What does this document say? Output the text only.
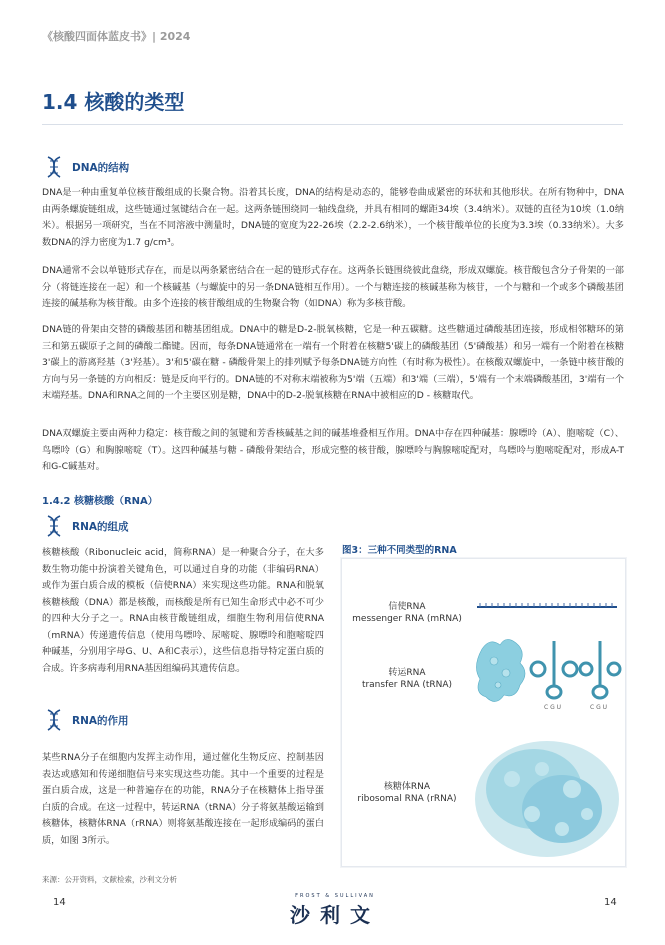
《核酸四面体蓝皮书》| 2024
1.4 核酸的类型
DNA的结构

DNA是一种由重复单位核苷酸组成的长聚合物。沿着其长度，DNA的结构是动态的，能够卷曲成紧密的环状和其他形状。在所有物种中，DNA由两条螺旋链组成，这些链通过氢键结合在一起。这两条链围绕同一轴线盘绕，并具有相同的螺距34埃（3.4纳米）。双链的直径为10埃（1.0纳米）。根据另一项研究，当在不同溶液中测量时，DNA链的宽度为22-26埃（2.2-2.6纳米），一个核苷酸单位的长度为3.3埃（0.33纳米）。大多数DNA的浮力密度为1.7 g/cm³。

DNA通常不会以单链形式存在，而是以两条紧密结合在一起的链形式存在。这两条长链围绕彼此盘绕，形成双螺旋。核苷酸包含分子骨架的一部分（将链连接在一起）和一个核碱基（与螺旋中的另一条DNA链相互作用）。一个与糖连接的核碱基称为核苷，一个与糖和一个或多个磷酸基团连接的碱基称为核苷酸。由多个连接的核苷酸组成的生物聚合物（如DNA）称为多核苷酸。

DNA链的骨架由交替的磷酸基团和糖基团组成。DNA中的糖是D-2-脱氧核糖，它是一种五碳糖。这些糖通过磷酸基团连接，形成相邻糖环的第三和第五碳原子之间的磷酸二酯键。因而，每条DNA链通常在一端有一个附着在核糖5'碳上的磷酸基团（5'磷酸基）和另一端有一个附着在核糖3'碳上的游离羟基（3'羟基）。3'和5'碳在糖 - 磷酸骨架上的排列赋予每条DNA链方向性（有时称为极性）。在核酸双螺旋中，一条链中核苷酸的方向与另一条链的方向相反：链是反向平行的。DNA链的不对称末端被称为5'端（五端）和3'端（三端），5'端有一个末端磷酸基团，3'端有一个末端羟基。DNA和RNA之间的一个主要区别是糖，DNA中的D-2-脱氧核糖在RNA中被相应的D - 核糖取代。

DNA双螺旋主要由两种力稳定：核苷酸之间的氢键和芳香核碱基之间的碱基堆叠相互作用。DNA中存在四种碱基：腺嘌呤（A）、胞嘧啶（C）、鸟嘌呤（G）和胸腺嘧啶（T）。这四种碱基与糖 - 磷酸骨架结合，形成完整的核苷酸，腺嘌呤与胸腺嘧啶配对，鸟嘌呤与胞嘧啶配对，形成A-T和G-C碱基对。

1.4.2 核糖核酸（RNA）
RNA的组成

核糖核酸（Ribonucleic acid，简称RNA）是一种聚合分子，在大多数生物功能中扮演着关键角色，可以通过自身的功能（非编码RNA）或作为蛋白质合成的模板（信使RNA）来实现这些功能。RNA和脱氧核糖核酸（DNA）都是核酸，而核酸是所有已知生命形式中必不可少的四种大分子之一。RNA由核苷酸链组成，细胞生物利用信使RNA（mRNA）传递遗传信息（使用鸟嘌呤、尿嘧啶、腺嘌呤和胞嘧啶四种碱基，分别用字母G、U、A和C表示），这些信息指导特定蛋白质的合成。许多病毒利用RNA基因组编码其遗传信息。

RNA的作用

某些RNA分子在细胞内发挥主动作用，通过催化生物反应、控制基因表达或感知和传递细胞信号来实现这些功能。其中一个重要的过程是蛋白质合成，这是一种普遍存在的功能，RNA分子在核糖体上指导蛋白质的合成。在这一过程中，转运RNA（tRNA）分子将氨基酸运输到核糖体，核糖体RNA（rRNA）则将氨基酸连接在一起形成编码的蛋白质，如图 3所示。

图3：三种不同类型的RNA
信使RNA
messenger RNA (mRNA)
转运RNA
transfer RNA (tRNA)
核糖体RNA
ribosomal RNA (rRNA)
tRNA
C G U	C G U
来源：公开资料，文献检索，沙利文分析
14
FROST & SULLIVAN
沙利文
14
